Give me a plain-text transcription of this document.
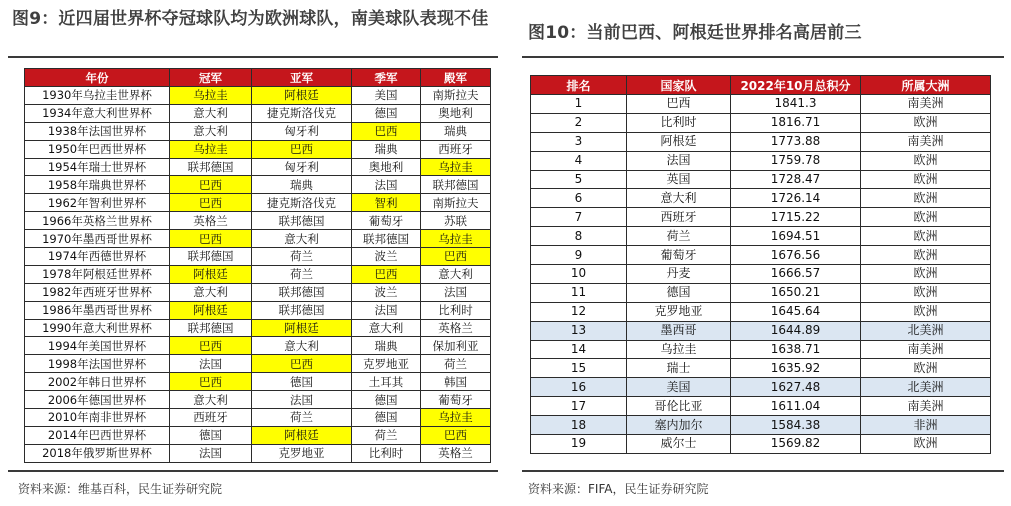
图9：近四届世界杯夺冠球队均为欧洲球队，南美球队表现不佳
年份	冠军	亚军	季军	殿军
1930年乌拉圭世界杯	乌拉圭	阿根廷	美国	南斯拉夫
1934年意大利世界杯	意大利	捷克斯洛伐克	德国	奥地利
1938年法国世界杯	意大利	匈牙利	巴西	瑞典
1950年巴西世界杯	乌拉圭	巴西	瑞典	西班牙
1954年瑞士世界杯	联邦德国	匈牙利	奥地利	乌拉圭
1958年瑞典世界杯	巴西	瑞典	法国	联邦德国
1962年智利世界杯	巴西	捷克斯洛伐克	智利	南斯拉夫
1966年英格兰世界杯	英格兰	联邦德国	葡萄牙	苏联
1970年墨西哥世界杯	巴西	意大利	联邦德国	乌拉圭
1974年西德世界杯	联邦德国	荷兰	波兰	巴西
1978年阿根廷世界杯	阿根廷	荷兰	巴西	意大利
1982年西班牙世界杯	意大利	联邦德国	波兰	法国
1986年墨西哥世界杯	阿根廷	联邦德国	法国	比利时
1990年意大利世界杯	联邦德国	阿根廷	意大利	英格兰
1994年美国世界杯	巴西	意大利	瑞典	保加利亚
1998年法国世界杯	法国	巴西	克罗地亚	荷兰
2002年韩日世界杯	巴西	德国	土耳其	韩国
2006年德国世界杯	意大利	法国	德国	葡萄牙
2010年南非世界杯	西班牙	荷兰	德国	乌拉圭
2014年巴西世界杯	德国	阿根廷	荷兰	巴西
2018年俄罗斯世界杯	法国	克罗地亚	比利时	英格兰
资料来源：维基百科，民生证券研究院
图10：当前巴西、阿根廷世界排名高居前三
排名	国家队	2022年10月总积分	所属大洲
1	巴西	1841.3	南美洲
2	比利时	1816.71	欧洲
3	阿根廷	1773.88	南美洲
4	法国	1759.78	欧洲
5	英国	1728.47	欧洲
6	意大利	1726.14	欧洲
7	西班牙	1715.22	欧洲
8	荷兰	1694.51	欧洲
9	葡萄牙	1676.56	欧洲
10	丹麦	1666.57	欧洲
11	德国	1650.21	欧洲
12	克罗地亚	1645.64	欧洲
13	墨西哥	1644.89	北美洲
14	乌拉圭	1638.71	南美洲
15	瑞士	1635.92	欧洲
16	美国	1627.48	北美洲
17	哥伦比亚	1611.04	南美洲
18	塞内加尔	1584.38	非洲
19	威尔士	1569.82	欧洲
资料来源：FIFA，民生证券研究院
